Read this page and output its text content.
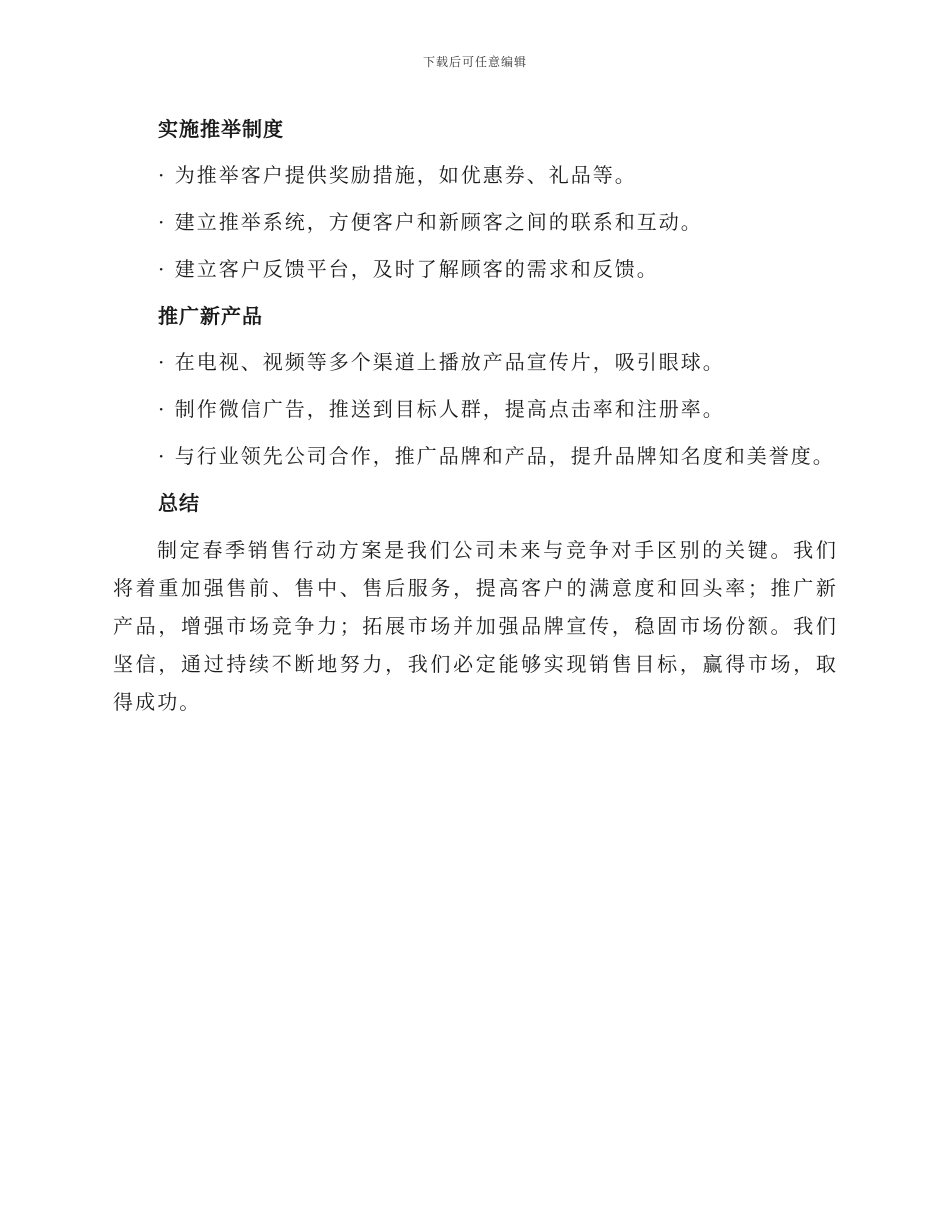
下载后可任意编辑
实施推举制度
· 为推举客户提供奖励措施，如优惠券、礼品等。
· 建立推举系统，方便客户和新顾客之间的联系和互动。
· 建立客户反馈平台，及时了解顾客的需求和反馈。
推广新产品
· 在电视、视频等多个渠道上播放产品宣传片，吸引眼球。
· 制作微信广告，推送到目标人群，提高点击率和注册率。
· 与行业领先公司合作，推广品牌和产品，提升品牌知名度和美誉度。
总结

制定春季销售行动方案是我们公司未来与竞争对手区别的关键。我们将着重加强售前、售中、售后服务，提高客户的满意度和回头率；推广新产品，增强市场竞争力；拓展市场并加强品牌宣传，稳固市场份额。我们坚信，通过持续不断地努力，我们必定能够实现销售目标，赢得市场，取得成功。
